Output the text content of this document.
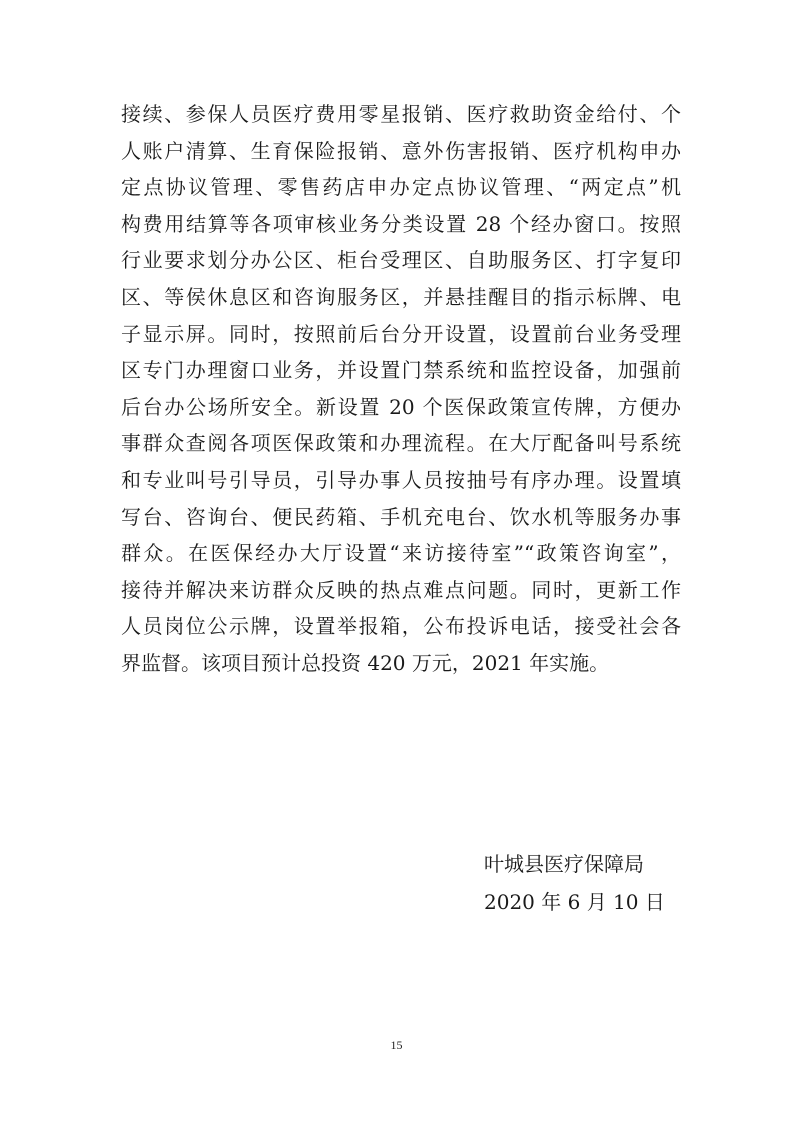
接续、参保人员医疗费用零星报销、医疗救助资金给付、个
人账户清算、生育保险报销、意外伤害报销、医疗机构申办
定点协议管理、零售药店申办定点协议管理、“两定点”机
构费用结算等各项审核业务分类设置 28 个经办窗口。按照
行业要求划分办公区、柜台受理区、自助服务区、打字复印
区、等侯休息区和咨询服务区，并悬挂醒目的指示标牌、电
子显示屏。同时，按照前后台分开设置，设置前台业务受理
区专门办理窗口业务，并设置门禁系统和监控设备，加强前
后台办公场所安全。新设置 20 个医保政策宣传牌，方便办
事群众查阅各项医保政策和办理流程。在大厅配备叫号系统
和专业叫号引导员，引导办事人员按抽号有序办理。设置填
写台、咨询台、便民药箱、手机充电台、饮水机等服务办事
群众。在医保经办大厅设置“来访接待室”“政策咨询室”，
接待并解决来访群众反映的热点难点问题。同时，更新工作
人员岗位公示牌，设置举报箱，公布投诉电话，接受社会各
界监督。该项目预计总投资 420 万元，2021 年实施。
叶城县医疗保障局
2020 年 6 月 10 日
15
